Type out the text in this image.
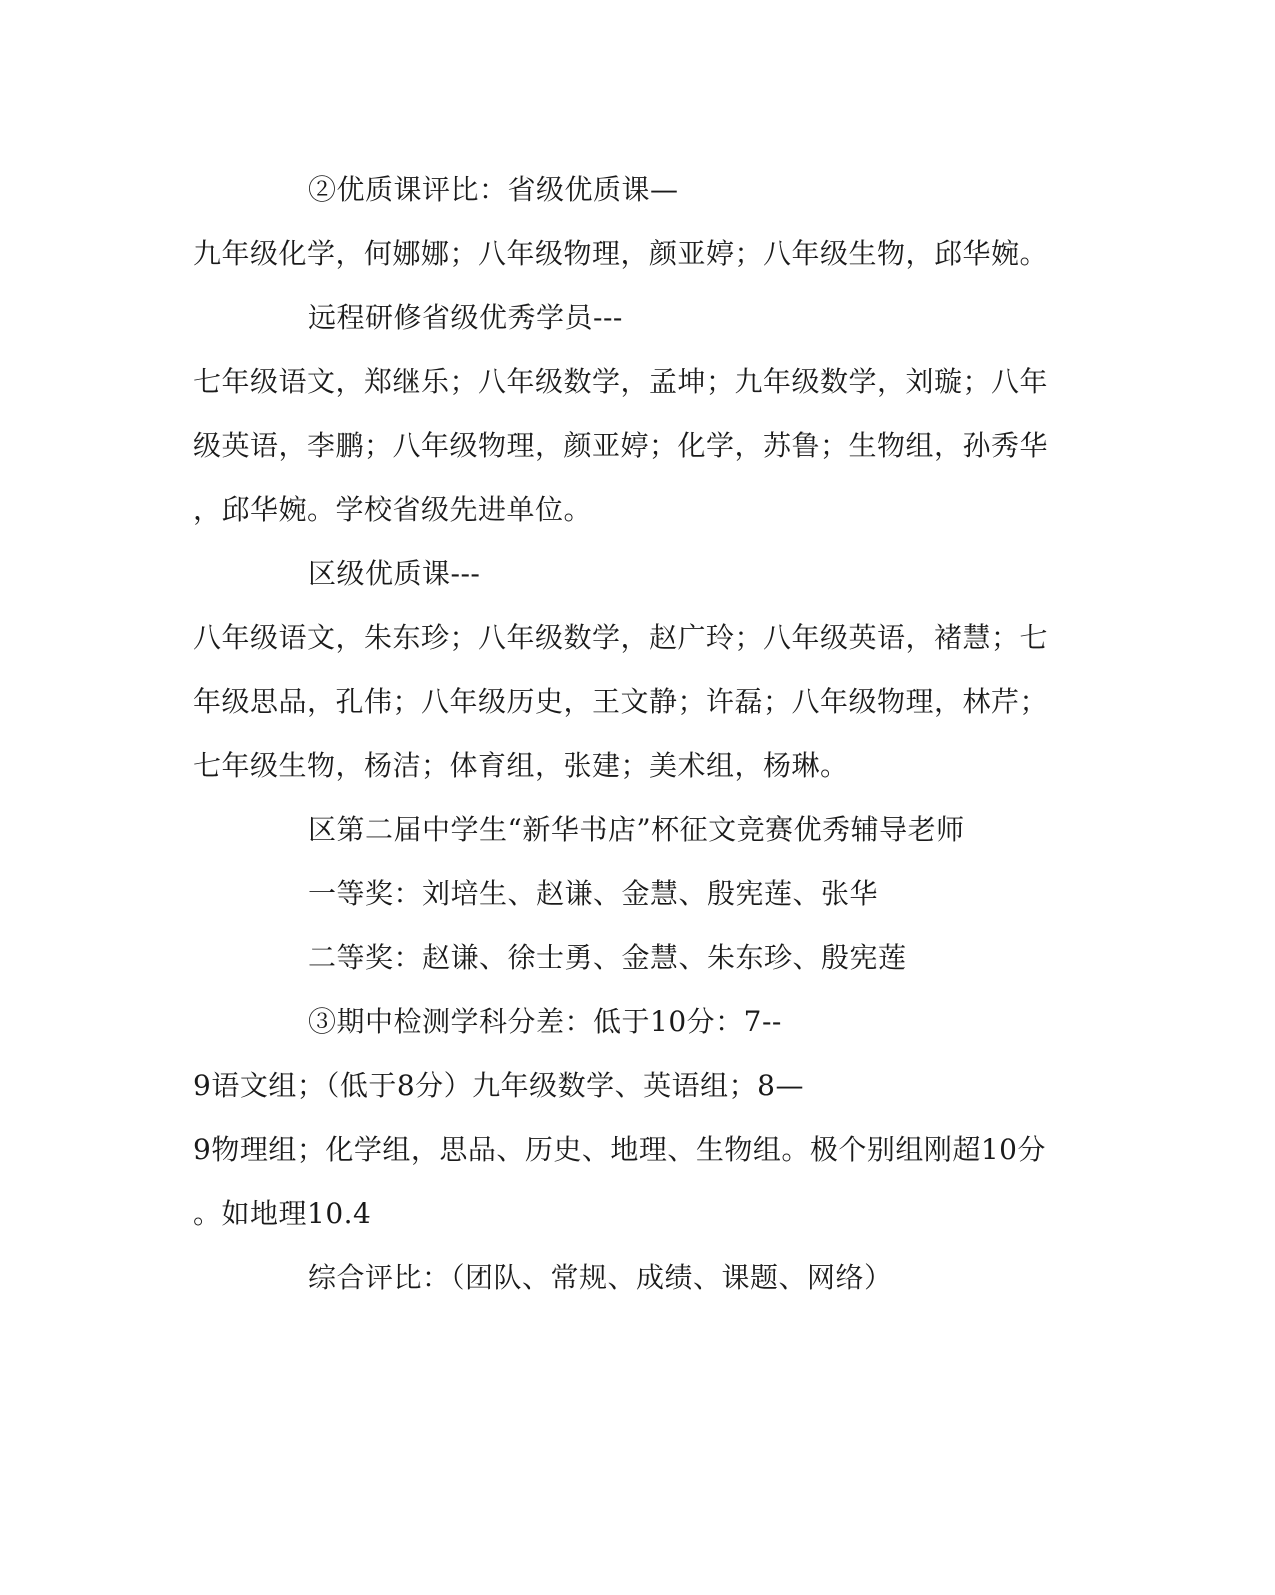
②优质课评比：省级优质课—
九年级化学，何娜娜；八年级物理，颜亚婷；八年级生物，邱华婉。
远程研修省级优秀学员---
七年级语文，郑继乐；八年级数学，孟坤；九年级数学，刘璇；八年
级英语，李鹏；八年级物理，颜亚婷；化学，苏鲁；生物组，孙秀华
，邱华婉。学校省级先进单位。
区级优质课---
八年级语文，朱东珍；八年级数学，赵广玲；八年级英语，褚慧；七
年级思品，孔伟；八年级历史，王文静；许磊；八年级物理，林芹；
七年级生物，杨洁；体育组，张建；美术组，杨琳。
区第二届中学生“新华书店”杯征文竞赛优秀辅导老师
一等奖：刘培生、赵谦、金慧、殷宪莲、张华
二等奖：赵谦、徐士勇、金慧、朱东珍、殷宪莲
③期中检测学科分差：低于10分：7--
9语文组；（低于8分）九年级数学、英语组；8—
9物理组；化学组，思品、历史、地理、生物组。极个别组刚超10分
。如地理10.4
综合评比：（团队、常规、成绩、课题、网络）
